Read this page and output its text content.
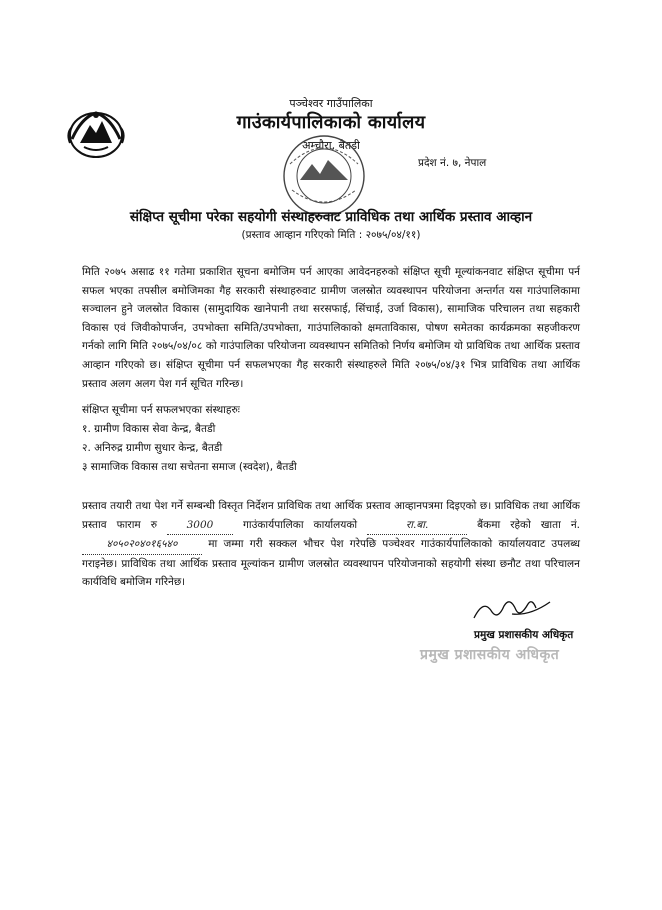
पञ्चेश्वर गाउँपालिका
गाउंकार्यपालिकाको कार्यालय
अम्चौरा, बैतडी
प्रदेश नं. ७, नेपाल
संक्षिप्त सूचीमा परेका सहयोगी संस्थाहरुवाट प्राविधिक तथा आर्थिक प्रस्ताव आव्हान
(प्रस्ताव आव्हान गरिएको मिति : २०७५/०४/११)
मिति २०७५ असाढ ११ गतेमा प्रकाशित सूचना बमोजिम पर्न आएका आवेदनहरुको संक्षिप्त सूची मूल्यांकनवाट संक्षिप्त सूचीमा पर्न सफल भएका तपसील बमोजिमका गैह सरकारी संस्थाहरुवाट ग्रामीण जलस्रोत व्यवस्थापन परियोजना अन्तर्गत यस गाउंपालिकामा सञ्चालन हुने जलस्रोत विकास (सामुदायिक खानेपानी तथा सरसफाई, सिंचाई, उर्जा विकास), सामाजिक परिचालन तथा सहकारी विकास एवं जिवीकोपार्जन, उपभोक्ता समिति/उपभोक्ता, गाउंपालिकाको क्षमताविकास, पोषण समेतका कार्यक्रमका सहजीकरण गर्नको लागि मिति २०७५/०४/०८ को गाउंपालिका परियोजना व्यवस्थापन समितिको निर्णय बमोजिम यो प्राविधिक तथा आर्थिक प्रस्ताव आव्हान गरिएको छ। संक्षिप्त सूचीमा पर्न सफलभएका गैह सरकारी संस्थाहरुले मिति २०७५/०४/३१ भित्र प्राविधिक तथा आर्थिक प्रस्ताव अलग अलग पेश गर्न सूचित गरिन्छ।
संक्षिप्त सूचीमा पर्न सफलभएका संस्थाहरुः
१. ग्रामीण विकास सेवा केन्द्र, बैतडी
२. अनिरुद्र ग्रामीण सुधार केन्द्र, बैतडी
३ सामाजिक विकास तथा सचेतना समाज (स्वदेश), बैतडी
प्रस्ताव तयारी तथा पेश गर्ने सम्बन्धी विस्तृत निर्देशन प्राविधिक तथा आर्थिक प्रस्ताव आव्हानपत्रमा दिइएको छ। प्राविधिक तथा आर्थिक प्रस्ताव फाराम रु	3000	गाउंकार्यपालिका कार्यालयको	रा.बा.	बैंकमा रहेको खाता नं. ४०५०२०४०१६५४०	मा जम्मा गरी सक्कल भौचर पेश गरेपछि पञ्चेश्वर गाउंकार्यपालिकाको कार्यालयवाट उपलब्ध गराइनेछ। प्राविधिक तथा आर्थिक प्रस्ताव मूल्यांकन ग्रामीण जलस्रोत व्यवस्थापन परियोजनाको सहयोगी संस्था छनौट तथा परिचालन कार्यविधि बमोजिम गरिनेछ।
प्रमुख प्रशासकीय अधिकृत
प्रमुख प्रशासकीय अधिकृत
